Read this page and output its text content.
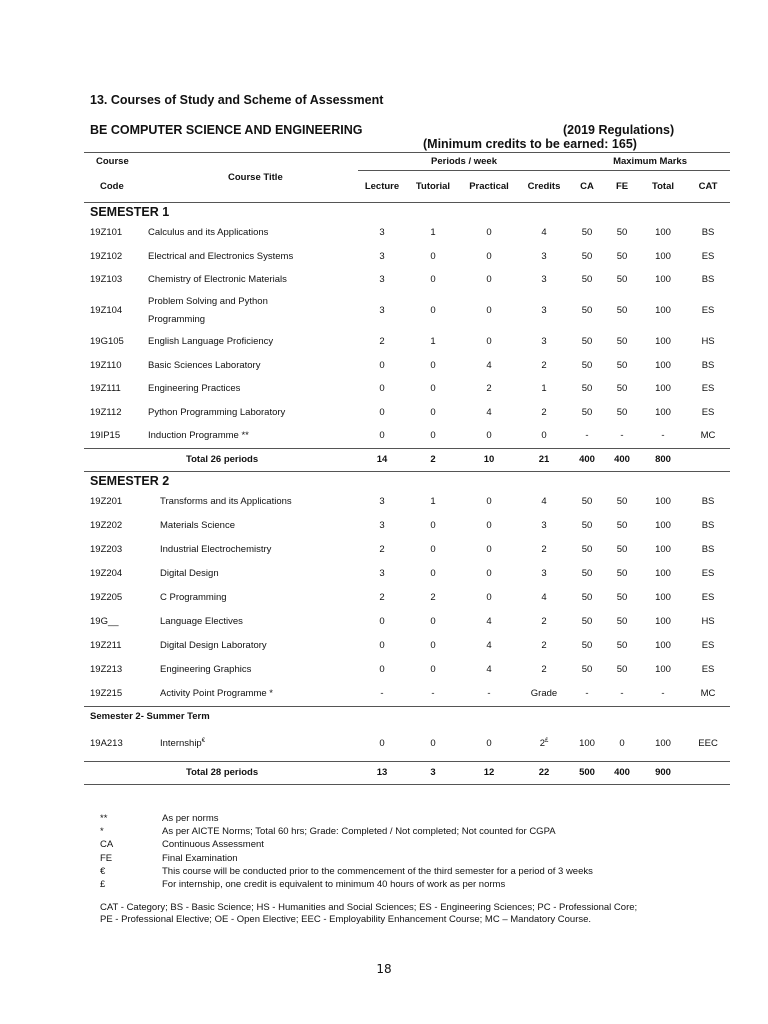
13. Courses of Study and Scheme of Assessment
BE COMPUTER SCIENCE AND ENGINEERING	(2019 Regulations)
(Minimum credits to be earned: 165)
Course	Course Title	Periods / week				Maximum Marks			
Code		Lecture	Tutorial	Practical	Credits	CA	FE	Total	CAT
SEMESTER 1									
19Z101	Calculus and its Applications	3	1	0	4	50	50	100	BS
19Z102	Electrical and Electronics Systems	3	0	0	3	50	50	100	ES
19Z103	Chemistry of Electronic Materials	3	0	0	3	50	50	100	BS
19Z104	Problem Solving and Python Programming	3	0	0	3	50	50	100	ES
19G105	English Language Proficiency	2	1	0	3	50	50	100	HS
19Z110	Basic Sciences Laboratory	0	0	4	2	50	50	100	BS
19Z111	Engineering Practices	0	0	2	1	50	50	100	ES
19Z112	Python Programming Laboratory	0	0	4	2	50	50	100	ES
19IP15	Induction Programme **	0	0	0	0	-	-	-	MC
	Total 26 periods	14	2	10	21	400	400	800	
SEMESTER 2									
19Z201	Transforms and its Applications	3	1	0	4	50	50	100	BS
19Z202	Materials Science	3	0	0	3	50	50	100	BS
19Z203	Industrial Electrochemistry	2	0	0	2	50	50	100	BS
19Z204	Digital Design	3	0	0	3	50	50	100	ES
19Z205	C Programming	2	2	0	4	50	50	100	ES
19G__	Language Electives	0	0	4	2	50	50	100	HS
19Z211	Digital Design Laboratory	0	0	4	2	50	50	100	ES
19Z213	Engineering Graphics	0	0	4	2	50	50	100	ES
19Z215	Activity Point Programme *	-	-	-	Grade	-	-	-	MC
Semester 2- Summer Term									
19A213	Internship€	0	0	0	2£	100	0	100	EEC
	Total 28 periods	13	3	12	22	500	400	900	
**	As per norms
*	As per AICTE Norms; Total 60 hrs; Grade: Completed / Not completed; Not counted for CGPA
CA	Continuous Assessment
FE	Final Examination
€	This course will be conducted prior to the commencement of the third semester for a period of 3 weeks
£	For internship, one credit is equivalent to minimum 40 hours of work as per norms
CAT - Category; BS - Basic Science; HS - Humanities and Social Sciences; ES - Engineering Sciences; PC - Professional Core;
PE - Professional Elective; OE - Open Elective; EEC - Employability Enhancement Course; MC – Mandatory Course.
18
